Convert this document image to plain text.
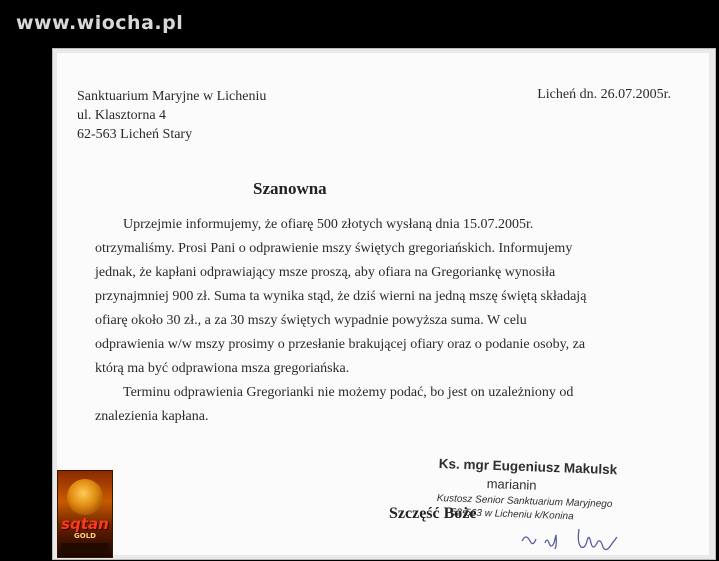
www.wiocha.pl
Sanktuarium Maryjne w Licheniu
ul. Klasztorna 4
62-563 Licheń Stary
Licheń dn. 26.07.2005r.
Szanowna
Uprzejmie informujemy, że ofiarę 500 złotych wysłaną dnia 15.07.2005r.
otrzymaliśmy. Prosi Pani o odprawienie mszy świętych gregoriańskich. Informujemy
jednak, że kapłani odprawiający msze proszą, aby ofiara na Gregoriankę wynosiła
przynajmniej 900 zł. Suma ta wynika stąd, że dziś wierni na jedną mszę świętą składają
ofiarę około 30 zł., a za 30 mszy świętych wypadnie powyższa suma. W celu
odprawienia w/w mszy prosimy o przesłanie brakującej ofiary oraz o podanie osoby, za
którą ma być odprawiona msza gregoriańska.
Terminu odprawienia Gregorianki nie możemy podać, bo jest on uzależniony od
znalezienia kapłana.
Ks. mgr Eugeniusz Makulsk
marianin
Kustosz Senior Sanktuarium Maryjnego
62-563 w Licheniu k/Konina
Szczęść Boże
sqtan
GOLD
